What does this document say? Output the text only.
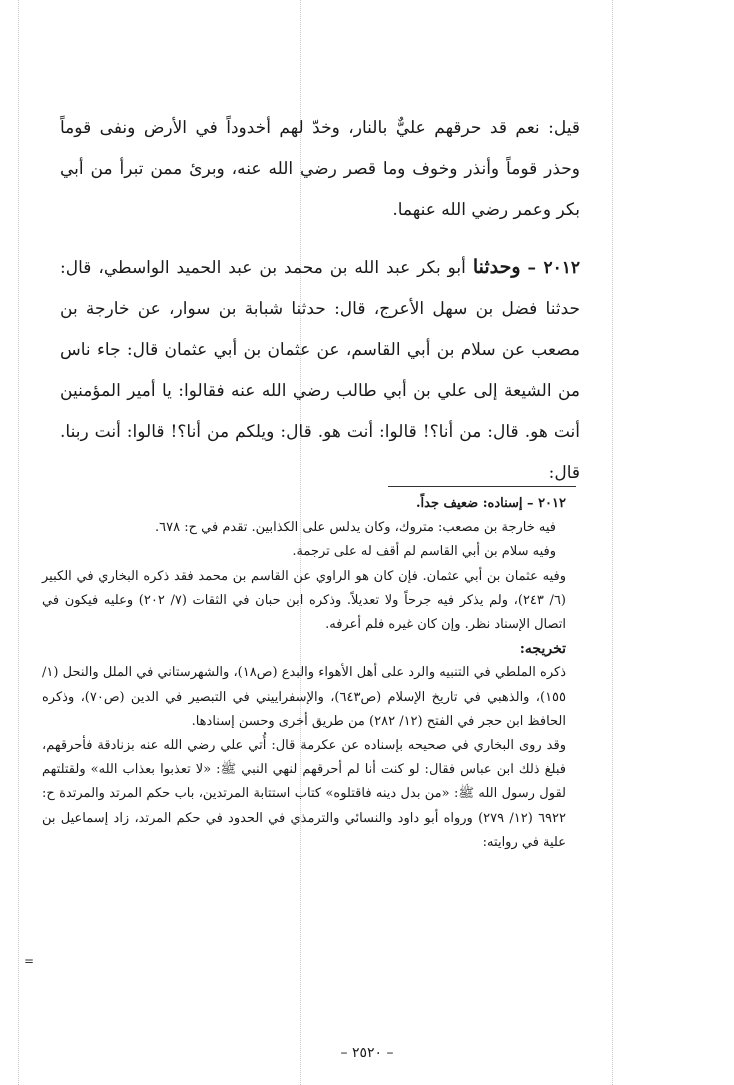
قيل: نعم قد حرقهم عليٌّ بالنار، وخدّ لهم أخدوداً في الأرض ونفى قوماً وحذر قوماً وأنذر وخوف وما قصر رضي الله عنه، وبرئ ممن تبرأ من أبي بكر وعمر رضي الله عنهما.

٢٠١٢ – وحدثنا أبو بكر عبد الله بن محمد بن عبد الحميد الواسطي، قال: حدثنا فضل بن سهل الأعرج، قال: حدثنا شبابة بن سوار، عن خارجة بن مصعب عن سلام بن أبي القاسم، عن عثمان بن أبي عثمان قال: جاء ناس من الشيعة إلى علي بن أبي طالب رضي الله عنه فقالوا: يا أمير المؤمنين أنت هو. قال: من أنا؟! قالوا: أنت هو. قال: ويلكم من أنا؟! قالوا: أنت ربنا. قال:

٢٠١٢ – إسناده: ضعيف جداً.

فيه خارجة بن مصعب: متروك، وكان يدلس على الكذابين. تقدم في ح: ٦٧٨.

وفيه سلام بن أبي القاسم لم أقف له على ترجمة.

وفيه عثمان بن أبي عثمان. فإن كان هو الراوي عن القاسم بن محمد فقد ذكره البخاري في الكبير (٦/ ٢٤٣)، ولم يذكر فيه جرحاً ولا تعديلاً. وذكره ابن حبان في الثقات (٧/ ٢٠٢) وعليه فيكون في اتصال الإسناد نظر. وإن كان غيره فلم أعرفه.

تخريجه:

ذكره الملطي في التنبيه والرد على أهل الأهواء والبدع (ص١٨)، والشهرستاني في الملل والنحل (١/ ١٥٥)، والذهبي في تاريخ الإسلام (ص٦٤٣)، والإسفراييني في التبصير في الدين (ص٧٠)، وذكره الحافظ ابن حجر في الفتح (١٢/ ٢٨٢) من طريق أخرى وحسن إسنادها.

وقد روى البخاري في صحيحه بإسناده عن عكرمة قال: أُتي علي رضي الله عنه بزنادقة فأحرقهم، فبلغ ذلك ابن عباس فقال: لو كنت أنا لم أحرقهم لنهي النبي ﷺ: «لا تعذبوا بعذاب الله» ولقتلتهم لقول رسول الله ﷺ: «من بدل دينه فاقتلوه» كتاب استتابة المرتدين، باب حكم المرتد والمرتدة ح: ٦٩٢٢ (١٢/ ٢٧٩) ورواه أبو داود والنسائي والترمذي في الحدود في حكم المرتد، زاد إسماعيل بن علية في روايته:

=
– ٢٥٢٠ –
